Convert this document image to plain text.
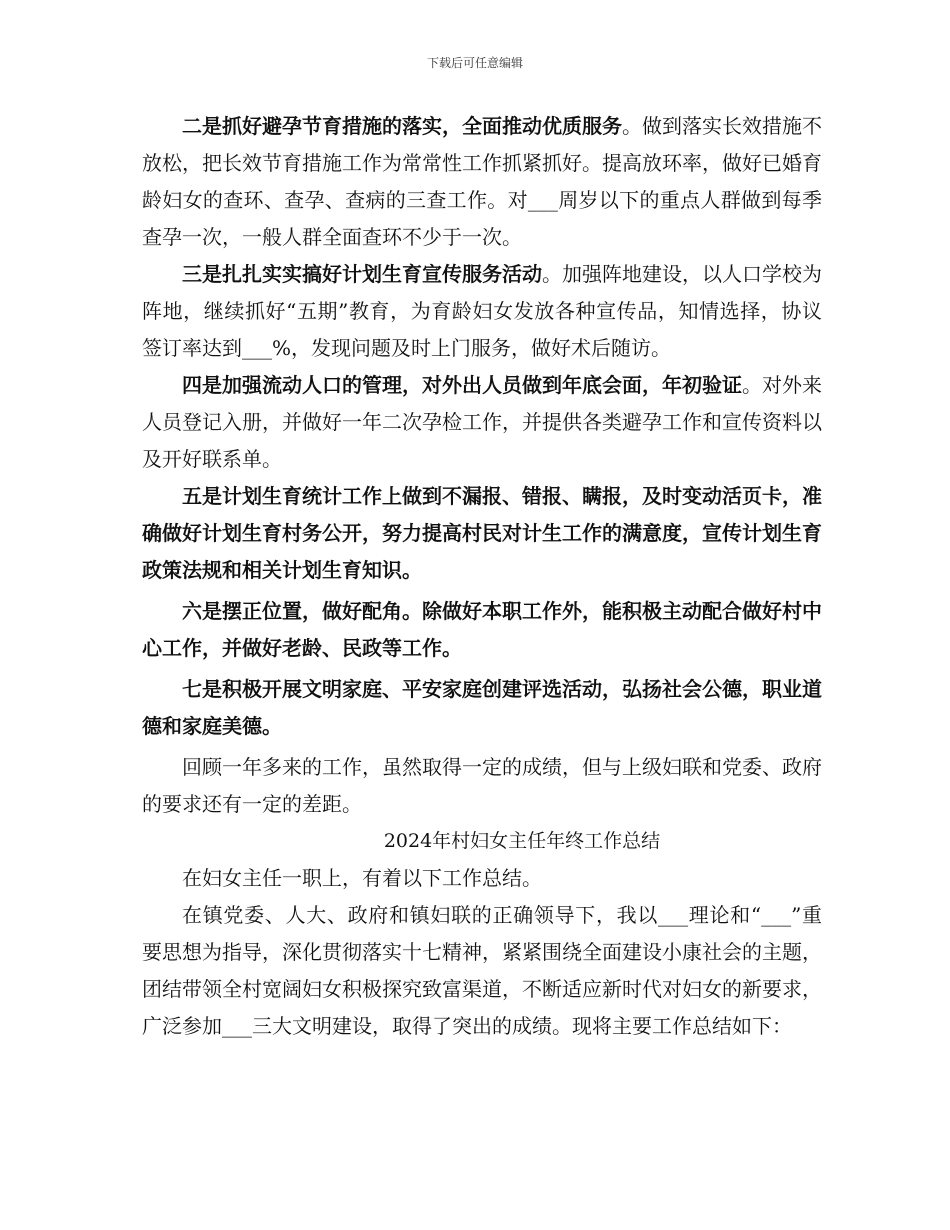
下载后可任意编辑

二是抓好避孕节育措施的落实，全面推动优质服务。做到落实长效措施不放松，把长效节育措施工作为常常性工作抓紧抓好。提高放环率，做好已婚育龄妇女的查环、查孕、查病的三查工作。对___周岁以下的重点人群做到每季查孕一次，一般人群全面查环不少于一次。

三是扎扎实实搞好计划生育宣传服务活动。加强阵地建设，以人口学校为阵地，继续抓好“五期”教育，为育龄妇女发放各种宣传品，知情选择，协议签订率达到___%，发现问题及时上门服务，做好术后随访。

四是加强流动人口的管理，对外出人员做到年底会面，年初验证。对外来人员登记入册，并做好一年二次孕检工作，并提供各类避孕工作和宣传资料以及开好联系单。

五是计划生育统计工作上做到不漏报、错报、瞒报，及时变动活页卡，准确做好计划生育村务公开，努力提高村民对计生工作的满意度，宣传计划生育政策法规和相关计划生育知识。

六是摆正位置，做好配角。除做好本职工作外，能积极主动配合做好村中心工作，并做好老龄、民政等工作。

七是积极开展文明家庭、平安家庭创建评选活动，弘扬社会公德，职业道德和家庭美德。

回顾一年多来的工作，虽然取得一定的成绩，但与上级妇联和党委、政府的要求还有一定的差距。

2024年村妇女主任年终工作总结

在妇女主任一职上，有着以下工作总结。

在镇党委、人大、政府和镇妇联的正确领导下，我以___理论和“___”重要思想为指导，深化贯彻落实十七精神，紧紧围绕全面建设小康社会的主题，团结带领全村宽阔妇女积极探究致富渠道，不断适应新时代对妇女的新要求，广泛参加___三大文明建设，取得了突出的成绩。现将主要工作总结如下：
